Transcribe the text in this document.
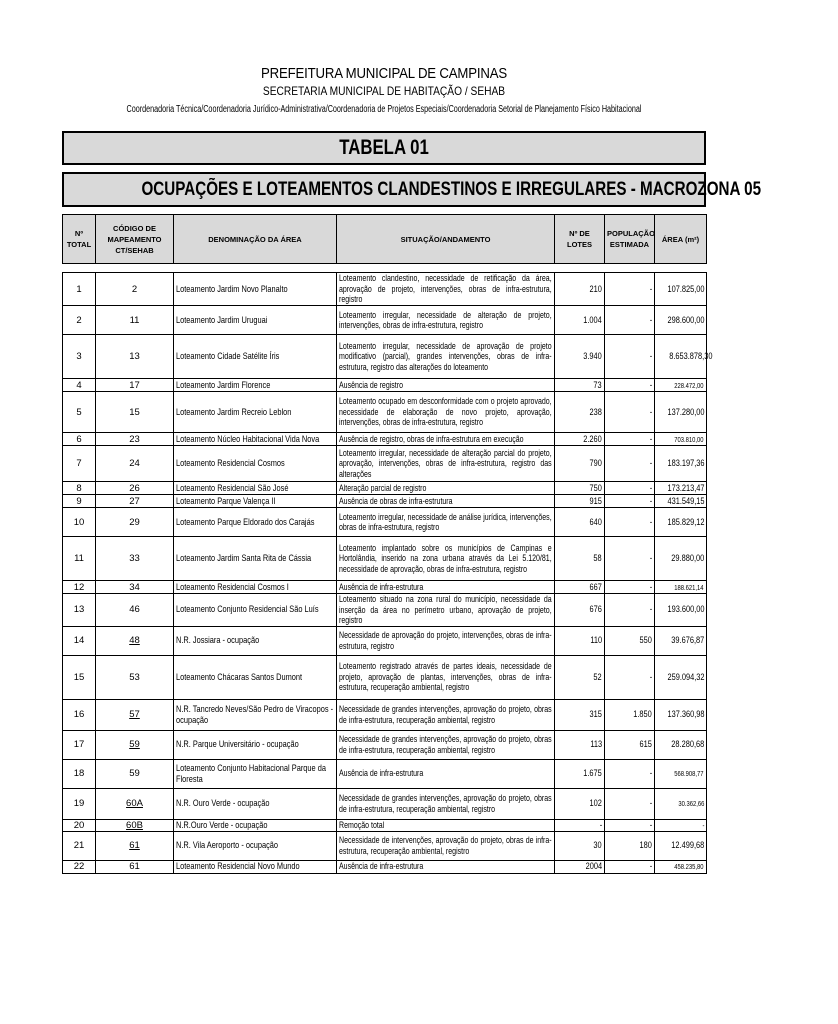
PREFEITURA MUNICIPAL DE CAMPINAS
SECRETARIA MUNICIPAL DE HABITAÇÃO / SEHAB
Coordenadoria Técnica/Coordenadoria Jurídico-Administrativa/Coordenadoria de Projetos Especiais/Coordenadoria Setorial de Planejamento Físico Habitacional
TABELA 01
OCUPAÇÕES E LOTEAMENTOS CLANDESTINOS E IRREGULARES - MACROZONA 05
Nº TOTAL	CÓDIGO DE MAPEAMENTO CT/SEHAB	DENOMINAÇÃO DA ÁREA	SITUAÇÃO/ANDAMENTO	Nº DE LOTES	POPULAÇÃO ESTIMADA	ÁREA (m²)
1	2	Loteamento Jardim Novo Planalto	Loteamento clandestino, necessidade de retificação da área, aprovação de projeto, intervenções, obras de infra-estrutura, registro	210	-	107.825,00

2	11	Loteamento Jardim Uruguai	Loteamento irregular, necessidade de alteração de projeto, intervenções, obras de infra-estrutura, registro	1.004	-	298.600,00

3	13	Loteamento Cidade Satélite Íris	Loteamento irregular, necessidade de aprovação de projeto modificativo (parcial), grandes intervenções, obras de infra-estrutura, registro das alterações do loteamento	3.940	-	8.653.878,30

4	17	Loteamento Jardim Florence	Ausência de registro	73	-	228.472,00

5	15	Loteamento Jardim Recreio Leblon	Loteamento ocupado em desconformidade com o projeto aprovado, necessidade de elaboração de novo projeto, aprovação, intervenções, obras de infra-estrutura, registro	238	-	137.280,00

6	23	Loteamento Núcleo Habitacional Vida Nova	Ausência de registro, obras de infra-estrutura em execução	2.260	-	703.810,00

7	24	Loteamento Residencial Cosmos	Loteamento irregular, necessidade de alteração parcial do projeto, aprovação, intervenções, obras de infra-estrutura, registro das alterações	790	-	183.197,36

8	26	Loteamento Residencial São José	Alteração parcial de registro	750	-	173.213,47

9	27	Loteamento Parque Valença II	Ausência de obras de infra-estrutura	915	-	431.549,15

10	29	Loteamento Parque Eldorado dos Carajás	Loteamento irregular, necessidade de análise jurídica, intervenções, obras de infra-estrutura, registro	640	-	185.829,12

11	33	Loteamento Jardim Santa Rita de Cássia	Loteamento implantado sobre os municípios de Campinas e Hortolândia, inserido na zona urbana através da Lei 5.120/81, necessidade de aprovação, obras de infra-estrutura, registro	58	-	29.880,00

12	34	Loteamento Residencial Cosmos I	Ausência de infra-estrutura	667	-	188.621,14

13	46	Loteamento Conjunto Residencial São Luís	Loteamento situado na zona rural do município, necessidade da inserção da área no perímetro urbano, aprovação de projeto, registro	676	-	193.600,00

14	48	N.R. Jossiara - ocupação	Necessidade de aprovação do projeto, intervenções, obras de infra-estrutura, registro	110	550	39.676,87

15	53	Loteamento Chácaras Santos Dumont	Loteamento registrado através de partes ideais, necessidade de projeto, aprovação de plantas, intervenções, obras de infra-estrutura, recuperação ambiental, registro	52	-	259.094,32

16	57	N.R. Tancredo Neves/São Pedro de Viracopos - ocupação	Necessidade de grandes intervenções, aprovação do projeto, obras de infra-estrutura, recuperação ambiental, registro	315	1.850	137.360,98

17	59	N.R. Parque Universitário - ocupação	Necessidade de grandes intervenções, aprovação do projeto, obras de infra-estrutura, recuperação ambiental, registro	113	615	28.280,68

18	59	Loteamento Conjunto Habitacional Parque da Floresta	Ausência de infra-estrutura	1.675	-	568.908,77

19	60A	N.R. Ouro Verde - ocupação	Necessidade de grandes intervenções, aprovação do projeto, obras de infra-estrutura, recuperação ambiental, registro	102	-	30.362,66

20	60B	N.R.Ouro Verde - ocupação	Remoção total	-	-	-

21	61	N.R. Vila Aeroporto - ocupação	Necessidade de intervenções, aprovação do projeto, obras de infra-estrutura, recuperação ambiental, registro	30	180	12.499,68

22	61	Loteamento Residencial Novo Mundo	Ausência de infra-estrutura	2004	-	458.235,80
